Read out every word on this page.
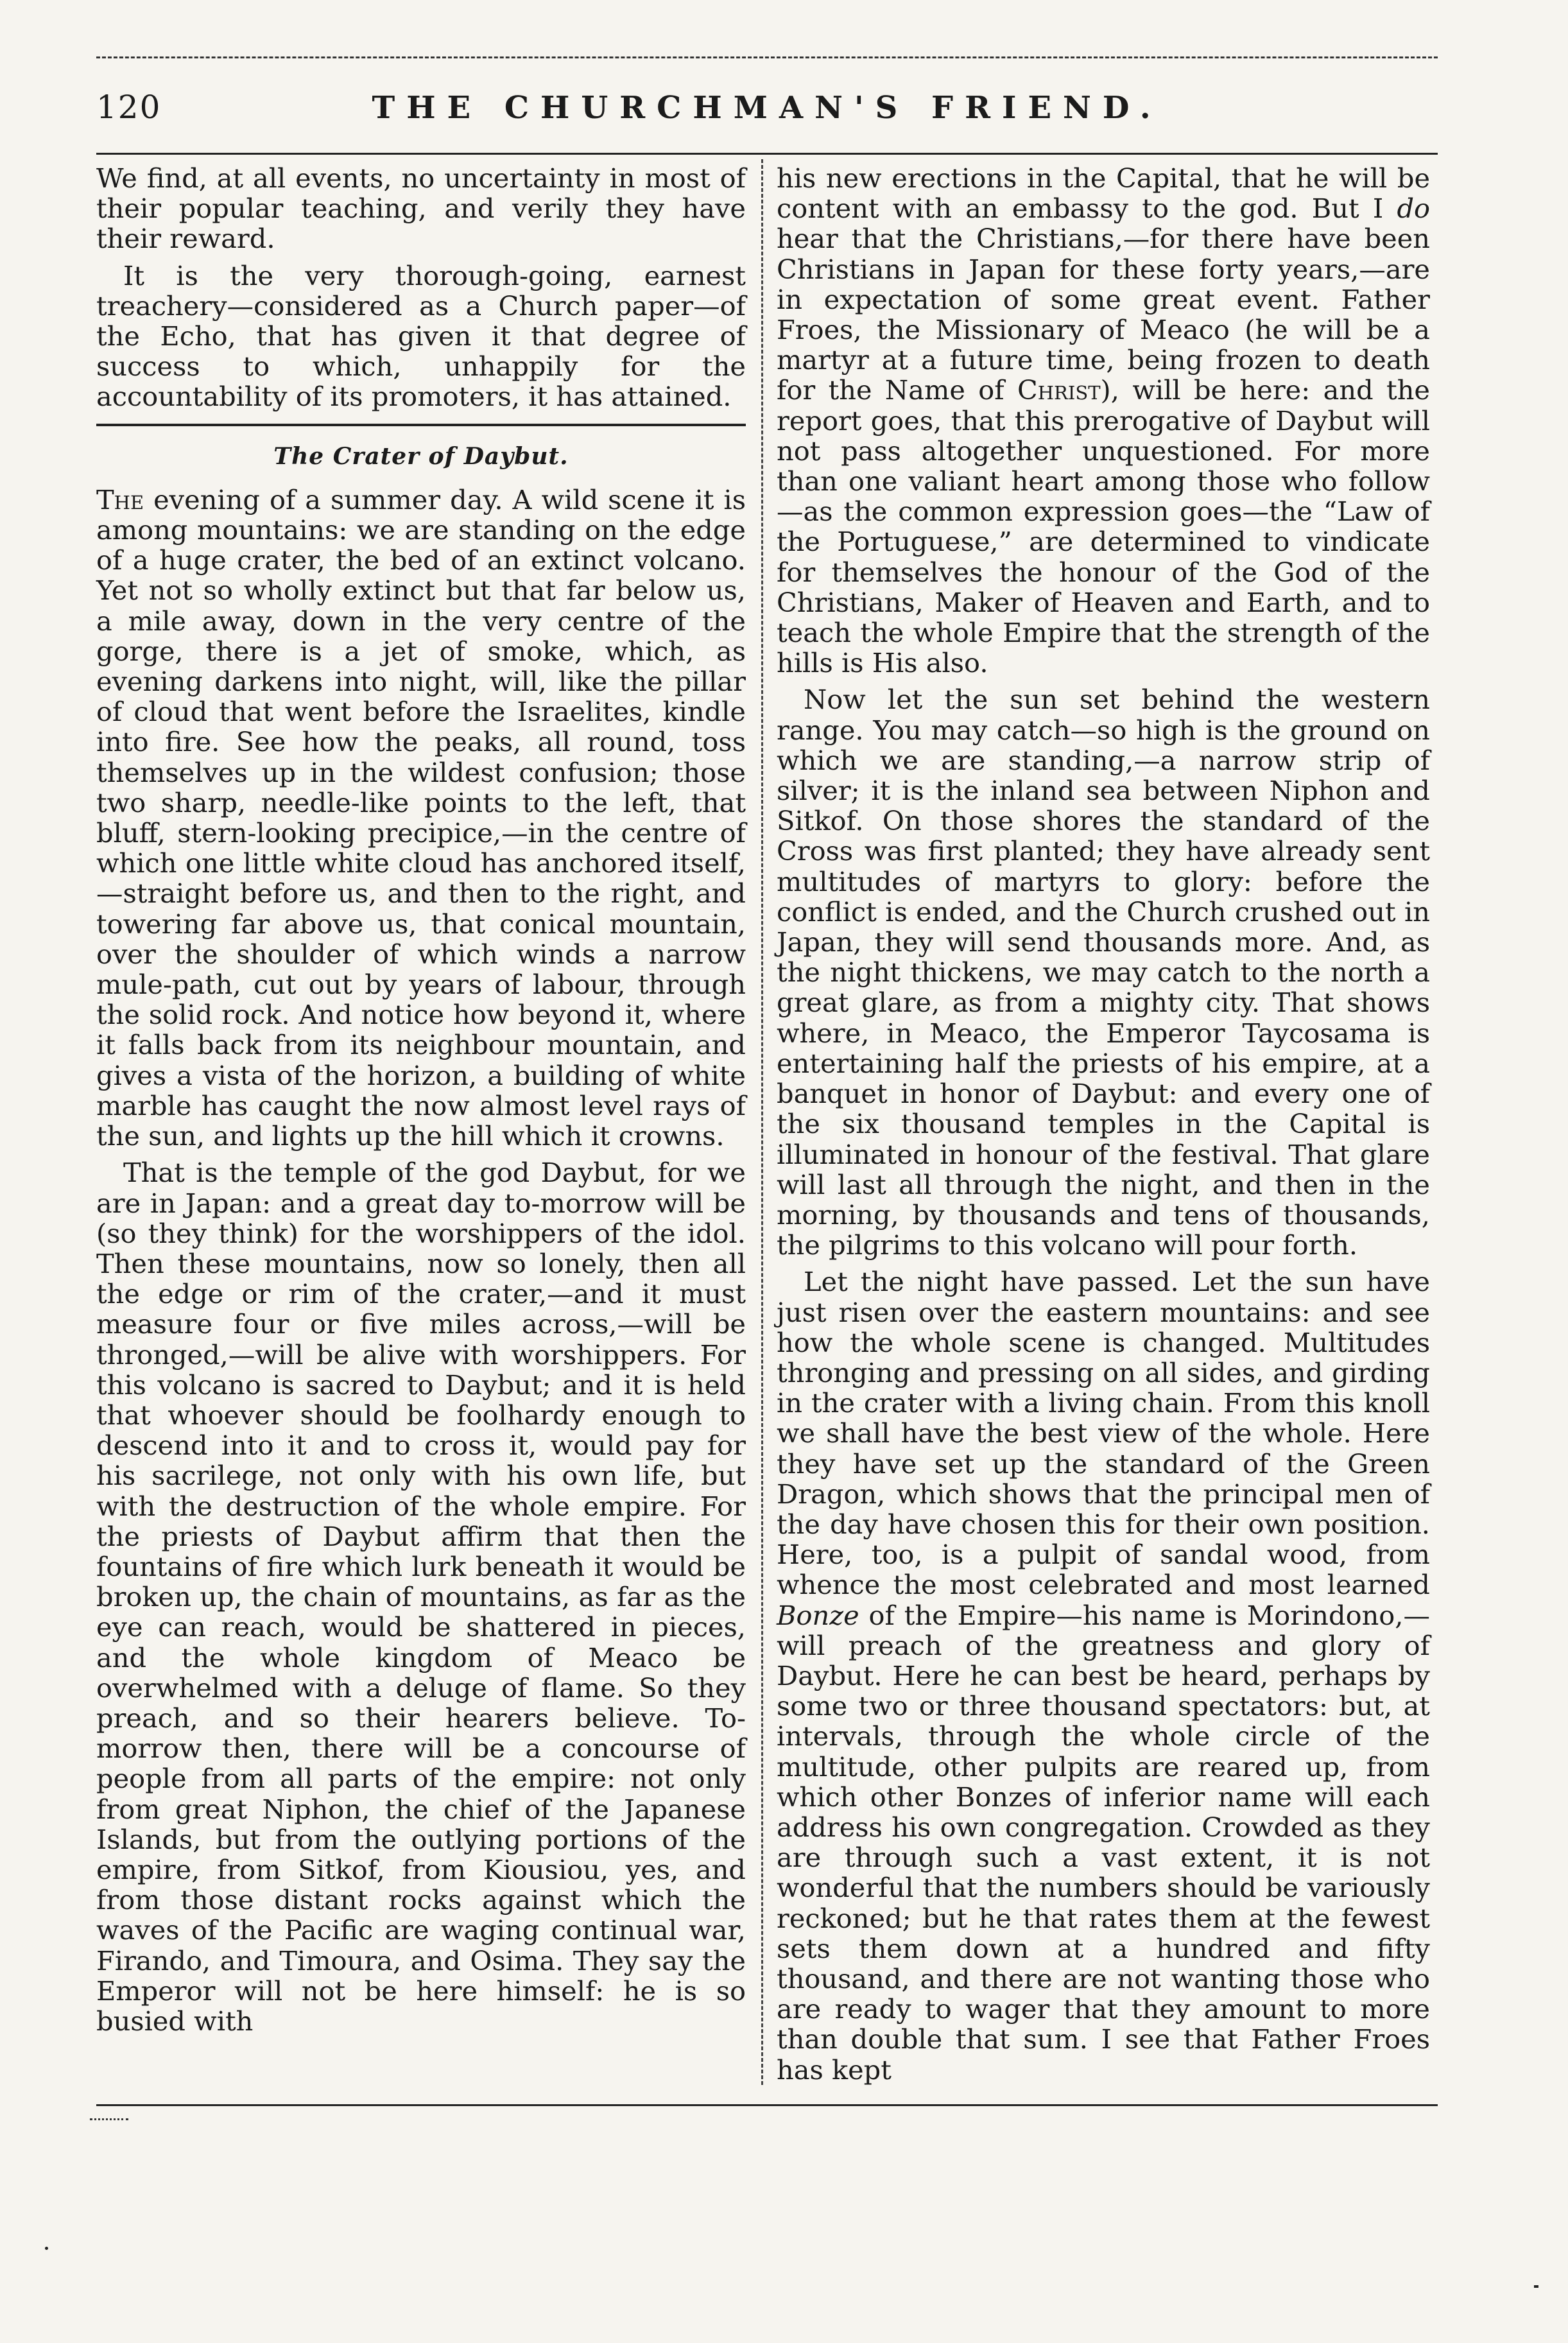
120	THE CHURCHMAN'S FRIEND.

We find, at all events, no uncertainty in most of their popular teaching, and verily they have their reward.

It is the very thorough-going, earnest treachery—considered as a Church paper—of the Echo, that has given it that degree of success to which, unhappily for the accountability of its promoters, it has attained.

The Crater of Daybut.

The evening of a summer day. A wild scene it is among mountains: we are standing on the edge of a huge crater, the bed of an extinct volcano. Yet not so wholly extinct but that far below us, a mile away, down in the very centre of the gorge, there is a jet of smoke, which, as evening darkens into night, will, like the pillar of cloud that went before the Israelites, kindle into fire. See how the peaks, all round, toss themselves up in the wildest confusion; those two sharp, needle-like points to the left, that bluff, stern-looking precipice,—in the centre of which one little white cloud has anchored itself, —straight before us, and then to the right, and towering far above us, that conical mountain, over the shoulder of which winds a narrow mule-path, cut out by years of labour, through the solid rock. And notice how beyond it, where it falls back from its neighbour mountain, and gives a vista of the horizon, a building of white marble has caught the now almost level rays of the sun, and lights up the hill which it crowns.

That is the temple of the god Daybut, for we are in Japan: and a great day to-morrow will be (so they think) for the worshippers of the idol. Then these mountains, now so lonely, then all the edge or rim of the crater,—and it must measure four or five miles across,—will be thronged,—will be alive with worshippers. For this volcano is sacred to Daybut; and it is held that whoever should be foolhardy enough to descend into it and to cross it, would pay for his sacrilege, not only with his own life, but with the destruction of the whole empire. For the priests of Daybut affirm that then the fountains of fire which lurk beneath it would be broken up, the chain of mountains, as far as the eye can reach, would be shattered in pieces, and the whole kingdom of Meaco be overwhelmed with a deluge of flame. So they preach, and so their hearers believe. To-morrow then, there will be a concourse of people from all parts of the empire: not only from great Niphon, the chief of the Japanese Islands, but from the outlying portions of the empire, from Sitkof, from Kiousiou, yes, and from those distant rocks against which the waves of the Pacific are waging continual war, Firando, and Timoura, and Osima. They say the Emperor will not be here himself: he is so busied with

his new erections in the Capital, that he will be content with an embassy to the god. But I do hear that the Christians,—for there have been Christians in Japan for these forty years,—are in expectation of some great event. Father Froes, the Missionary of Meaco (he will be a martyr at a future time, being frozen to death for the Name of Christ), will be here: and the report goes, that this prerogative of Daybut will not pass altogether unquestioned. For more than one valiant heart among those who follow —as the common expression goes—the “Law of the Portuguese,” are determined to vindicate for themselves the honour of the God of the Christians, Maker of Heaven and Earth, and to teach the whole Empire that the strength of the hills is His also.

Now let the sun set behind the western range. You may catch—so high is the ground on which we are standing,—a narrow strip of silver; it is the inland sea between Niphon and Sitkof. On those shores the standard of the Cross was first planted; they have already sent multitudes of martyrs to glory: before the conflict is ended, and the Church crushed out in Japan, they will send thousands more. And, as the night thickens, we may catch to the north a great glare, as from a mighty city. That shows where, in Meaco, the Emperor Taycosama is entertaining half the priests of his empire, at a banquet in honor of Daybut: and every one of the six thousand temples in the Capital is illuminated in honour of the festival. That glare will last all through the night, and then in the morning, by thousands and tens of thousands, the pilgrims to this volcano will pour forth.

Let the night have passed. Let the sun have just risen over the eastern mountains: and see how the whole scene is changed. Multitudes thronging and pressing on all sides, and girding in the crater with a living chain. From this knoll we shall have the best view of the whole. Here they have set up the standard of the Green Dragon, which shows that the principal men of the day have chosen this for their own position. Here, too, is a pulpit of sandal wood, from whence the most celebrated and most learned Bonze of the Empire—his name is Morindono,—will preach of the greatness and glory of Daybut. Here he can best be heard, perhaps by some two or three thousand spectators: but, at intervals, through the whole circle of the multitude, other pulpits are reared up, from which other Bonzes of inferior name will each address his own congregation. Crowded as they are through such a vast extent, it is not wonderful that the numbers should be variously reckoned; but he that rates them at the fewest sets them down at a hundred and fifty thousand, and there are not wanting those who are ready to wager that they amount to more than double that sum. I see that Father Froes has kept
